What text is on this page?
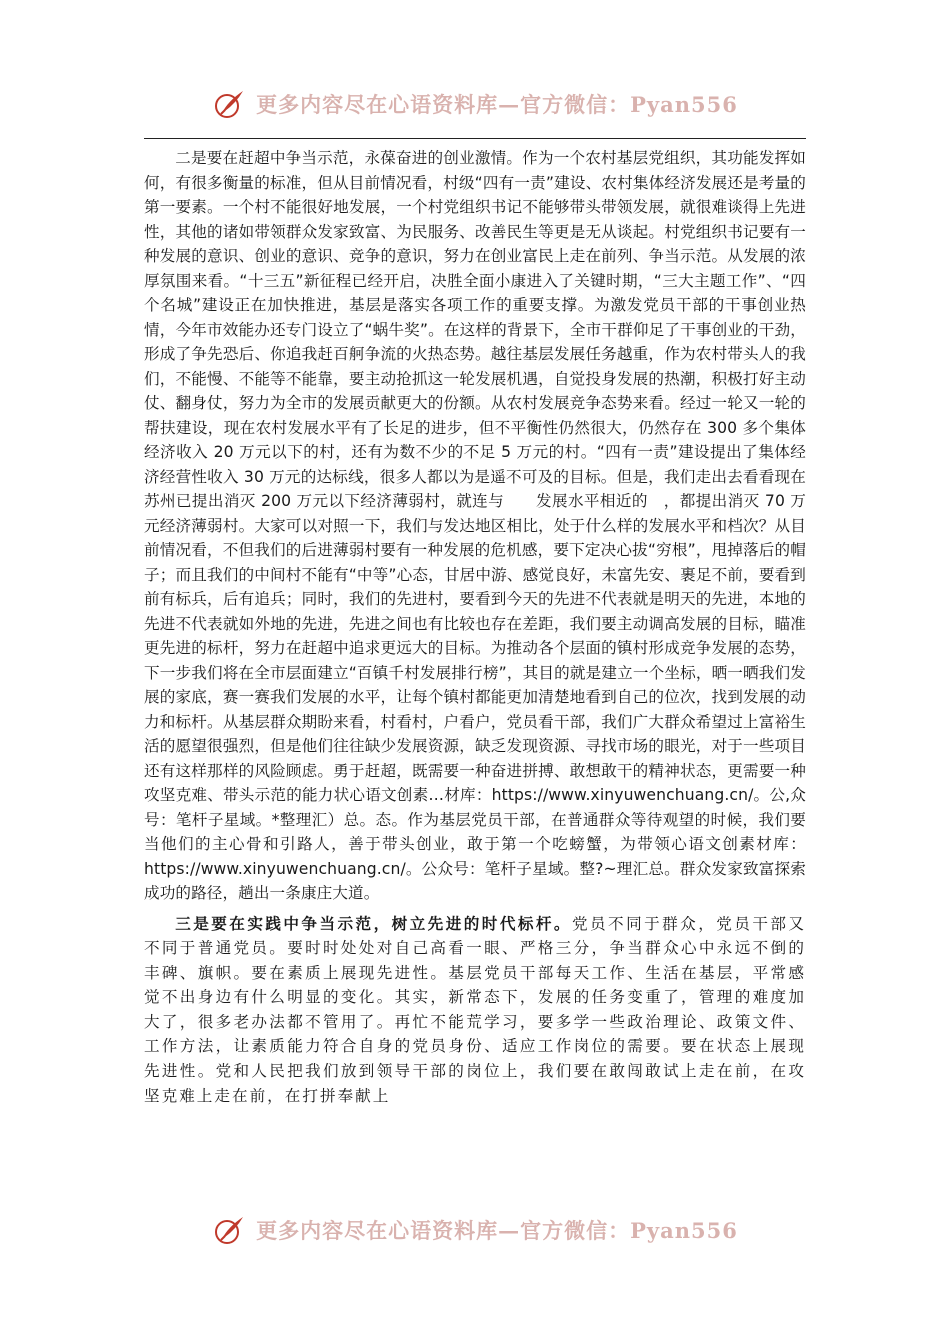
更多内容尽在心语资料库—官方微信：Pyan556

二是要在赶超中争当示范，永葆奋进的创业激情。作为一个农村基层党组织，其功能发挥如何，有很多衡量的标准，但从目前情况看，村级“四有一责”建设、农村集体经济发展还是考量的第一要素。一个村不能很好地发展，一个村党组织书记不能够带头带领发展，就很难谈得上先进性，其他的诸如带领群众发家致富、为民服务、改善民生等更是无从谈起。村党组织书记要有一种发展的意识、创业的意识、竞争的意识，努力在创业富民上走在前列、争当示范。从发展的浓厚氛围来看。“十三五”新征程已经开启，决胜全面小康进入了关键时期，“三大主题工作”、“四个名城”建设正在加快推进，基层是落实各项工作的重要支撑。为激发党员干部的干事创业热情，今年市效能办还专门设立了“蜗牛奖”。在这样的背景下，全市干群仰足了干事创业的干劲，形成了争先恐后、你追我赶百舸争流的火热态势。越往基层发展任务越重，作为农村带头人的我们，不能慢、不能等不能靠，要主动抢抓这一轮发展机遇，自觉投身发展的热潮，积极打好主动仗、翻身仗，努力为全市的发展贡献更大的份额。从农村发展竞争态势来看。经过一轮又一轮的帮扶建设，现在农村发展水平有了长足的进步，但不平衡性仍然很大，仍然存在 300 多个集体经济收入 20 万元以下的村，还有为数不少的不足 5 万元的村。“四有一责”建设提出了集体经济经营性收入 30 万元的达标线，很多人都以为是遥不可及的目标。但是，我们走出去看看现在苏州已提出消灭 200 万元以下经济薄弱村，就连与　　发展水平相近的　，都提出消灭 70 万元经济薄弱村。大家可以对照一下，我们与发达地区相比，处于什么样的发展水平和档次？从目前情况看，不但我们的后进薄弱村要有一种发展的危机感，要下定决心拔“穷根”，甩掉落后的帽子；而且我们的中间村不能有“中等”心态，甘居中游、感觉良好，未富先安、裹足不前，要看到前有标兵，后有追兵；同时，我们的先进村，要看到今天的先进不代表就是明天的先进，本地的先进不代表就如外地的先进，先进之间也有比较也存在差距，我们要主动调高发展的目标，瞄准更先进的标杆，努力在赶超中追求更远大的目标。为推动各个层面的镇村形成竞争发展的态势，下一步我们将在全市层面建立“百镇千村发展排行榜”，其目的就是建立一个坐标，晒一晒我们发展的家底，赛一赛我们发展的水平，让每个镇村都能更加清楚地看到自己的位次，找到发展的动力和标杆。从基层群众期盼来看，村看村，户看户，党员看干部，我们广大群众希望过上富裕生活的愿望很强烈，但是他们往往缺少发展资源，缺乏发现资源、寻找市场的眼光，对于一些项目还有这样那样的风险顾虑。勇于赶超，既需要一种奋进拼搏、敢想敢干的精神状态，更需要一种攻坚克难、带头示范的能力状心语文创素…材库：https://www.xinyuwenchuang.cn/。公,众号：笔杆子星域。*整理汇）总。态。作为基层党员干部，在普通群众等待观望的时候，我们要当他们的主心骨和引路人，善于带头创业，敢于第一个吃螃蟹，为带领心语文创素材库：https://www.xinyuwenchuang.cn/。公众号：笔杆子星域。整?~理汇总。群众发家致富探索成功的路径，趟出一条康庄大道。

三是要在实践中争当示范，树立先进的时代标杆。党员不同于群众，党员干部又不同于普通党员。要时时处处对自己高看一眼、严格三分，争当群众心中永远不倒的丰碑、旗帜。要在素质上展现先进性。基层党员干部每天工作、生活在基层，平常感觉不出身边有什么明显的变化。其实，新常态下，发展的任务变重了，管理的难度加大了，很多老办法都不管用了。再忙不能荒学习，要多学一些政治理论、政策文件、工作方法，让素质能力符合自身的党员身份、适应工作岗位的需要。要在状态上展现先进性。党和人民把我们放到领导干部的岗位上，我们要在敢闯敢试上走在前，在攻坚克难上走在前，在打拼奉献上

更多内容尽在心语资料库—官方微信：Pyan556
